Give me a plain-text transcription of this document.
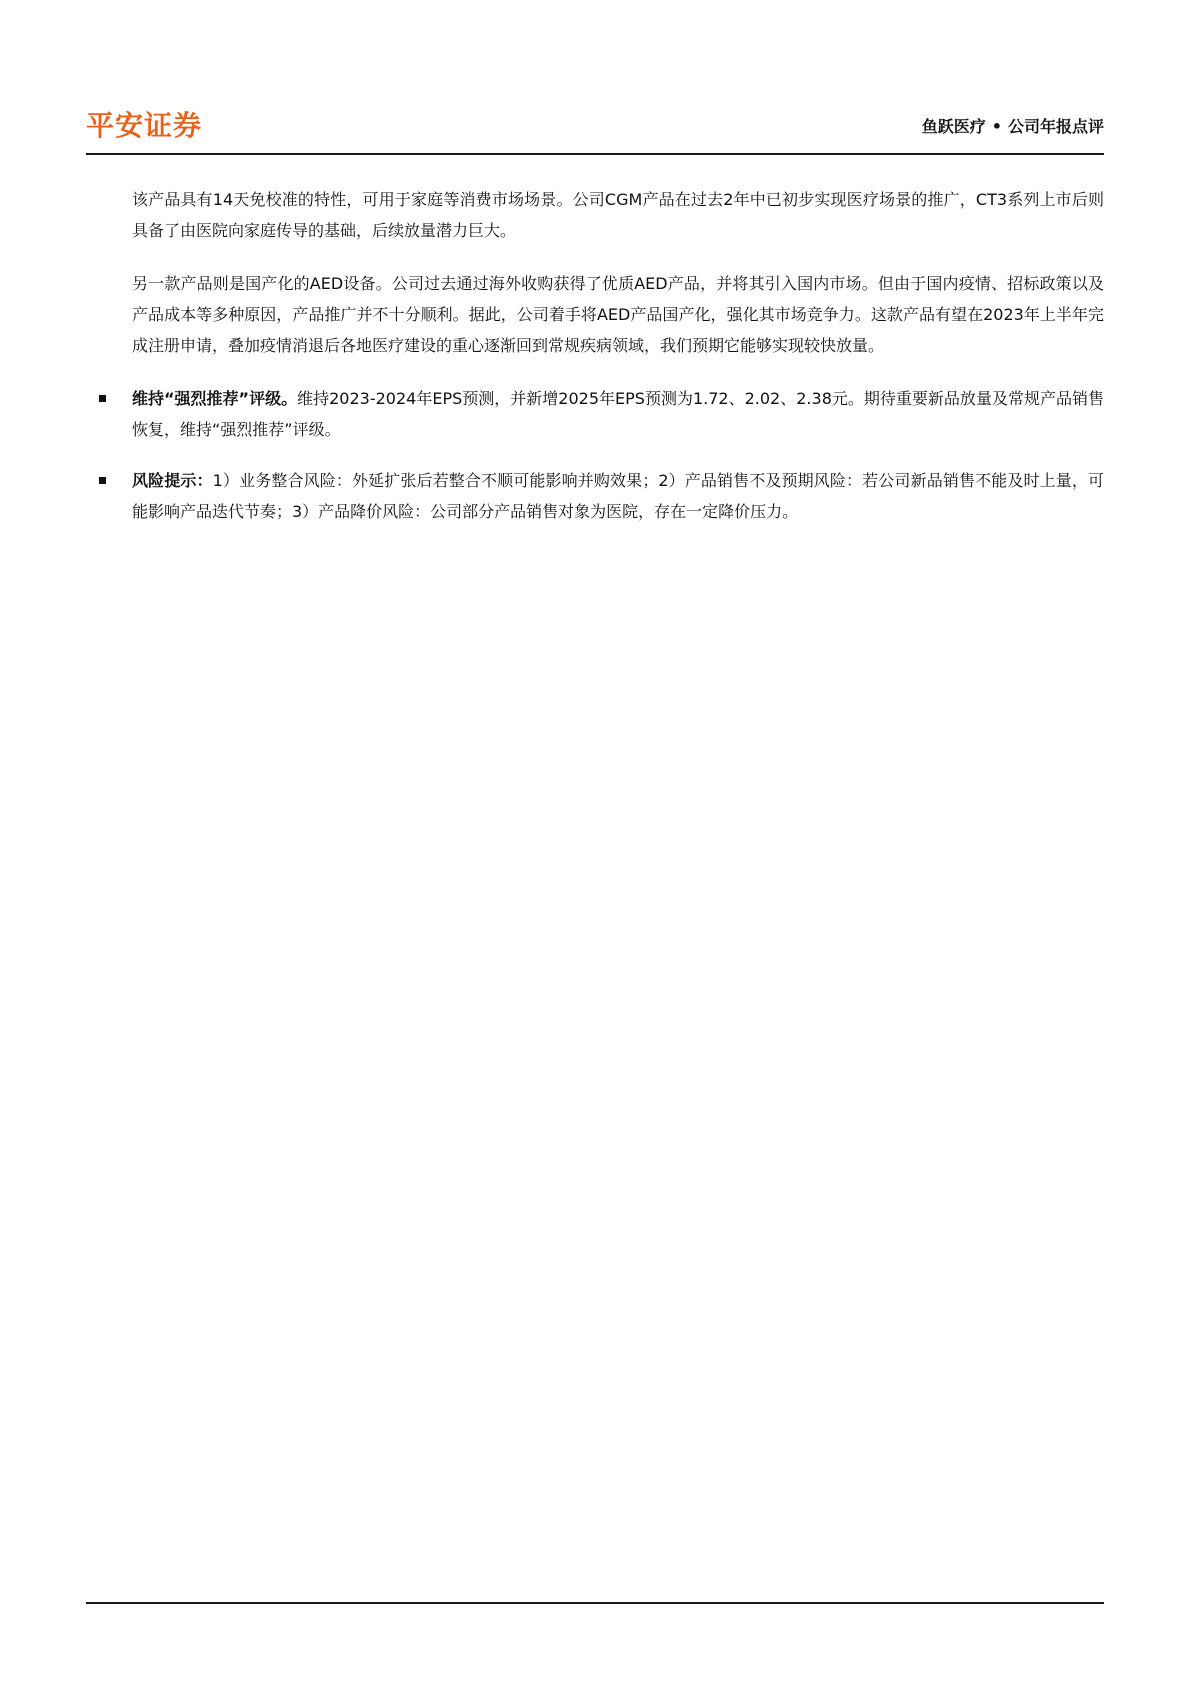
平安证券	鱼跃医疗 • 公司年报点评

该产品具有14天免校准的特性，可用于家庭等消费市场场景。公司CGM产品在过去2年中已初步实现医疗场景的推广，CT3系列上市后则具备了由医院向家庭传导的基础，后续放量潜力巨大。

另一款产品则是国产化的AED设备。公司过去通过海外收购获得了优质AED产品，并将其引入国内市场。但由于国内疫情、招标政策以及产品成本等多种原因，产品推广并不十分顺利。据此，公司着手将AED产品国产化，强化其市场竞争力。这款产品有望在2023年上半年完成注册申请，叠加疫情消退后各地医疗建设的重心逐渐回到常规疾病领域，我们预期它能够实现较快放量。

维持“强烈推荐”评级。维持2023-2024年EPS预测，并新增2025年EPS预测为1.72、2.02、2.38元。期待重要新品放量及常规产品销售恢复，维持“强烈推荐”评级。
风险提示：1）业务整合风险：外延扩张后若整合不顺可能影响并购效果；2）产品销售不及预期风险：若公司新品销售不能及时上量，可能影响产品迭代节奏；3）产品降价风险：公司部分产品销售对象为医院，存在一定降价压力。
